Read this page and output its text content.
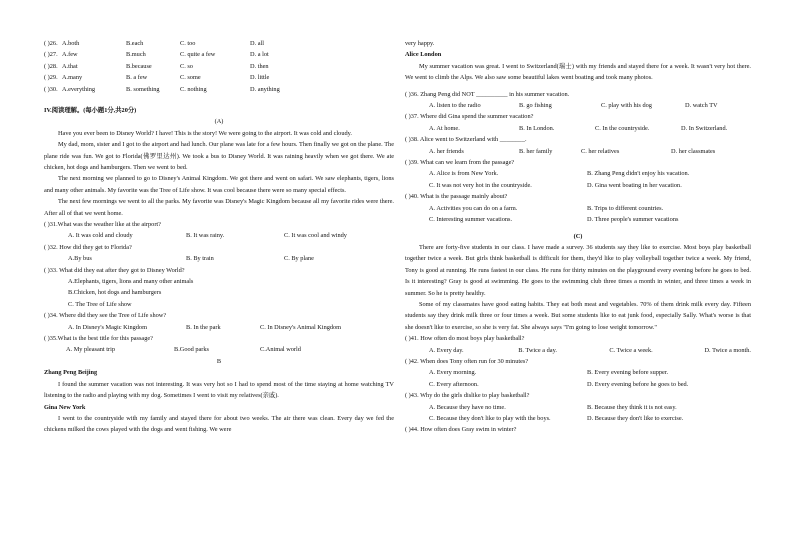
( )26. A.both	B.each	C. too	D. all
( )27. A.few	B.much	C. quite a few	D. a lot
( )28. A.that	B.because	C. so	D. then
( )29. A.many	B. a few	C. some	D. little
( )30. A.everything	B. something	C. nothing	D. anything

IV.阅读理解。(每小题1分,共20分)

(A)

Have you ever been to Disney World? I have! This is the story! We were going to the airport. It was cold and cloudy.

My dad, mom, sister and I got to the airport and had lunch. Our plane was late for a few hours. Then finally we got on the plane. The plane ride was fun. We got to Florida(佛罗里达州). We took a bus to Disney World. It was raining heavily when we got there. We ate chicken, hot dogs and hamburgers. Then we went to bed.

The next morning we planned to go to Disney's Animal Kingdom. We got there and went on safari. We saw elephants, tigers, lions and many other animals. My favorite was the Tree of Life show. It was cool because there were so many special effects.

The next few mornings we went to all the parks. My favorite was Disney's Magic Kingdom because all my favorite rides were there. After all of that we went home.

( )31.What was the weather like at the airport?

A. It was cold and cloudy	B. It was rainy.	C. It was cool and windy

( )32. How did they get to Florida?

A.By bus	B. By train	C. By plane

( )33. What did they eat after they got to Disney World?

A.Elephants, tigers, lions and many other animals

B.Chicken, hot dogs and hamburgers

C. The Tree of Life show

( )34. Where did they see the Tree of Life show?

A. In Disney's Magic Kingdom	B. In the park	C. In Disney's Animal Kingdom

( )35.What is the best title for this passage?

A. My pleasant trip	B.Good parks	C.Animal world

B

Zhang Peng Beijing

I found the summer vacation was not interesting. It was very hot so I had to spend most of the time staying at home watching TV listening to the radio and playing with my dog. Sometimes I went to visit my relatives(亲戚).

Gina New York

I went to the countryside with my family and stayed there for about two weeks. The air there was clean. Every day we fed the chickens milked the cows played with the dogs and went fishing. We were

very happy.

Alice London

My summer vacation was great. I went to Switzerland(瑞士) with my friends and stayed there for a week. It wasn't very hot there. We went to climb the Alps. We also saw some beautiful lakes went boating and took many photos.

( )36. Zhang Peng did NOT __________ in his summer vacation.

A. listen to the radio	B. go fishing	C. play with his dog	D. watch TV

( )37. Where did Gina spend the summer vacation?

A. At home.	B. In London.	C. In the countryside.	D. In Switzerland.

( )38. Alice went to Switzerland with ________.

A. her friends	B. her family	C. her relatives	D. her classmates

( )39. What can we learn from the passage?

A. Alice is from New York.	B. Zhang Peng didn't enjoy his vacation.
C. It was not very hot in the countryside.	D. Gina went boating in her vacation.

( )40. What is the passage mainly about?

A. Activities you can do on a farm.	B. Trips to different countries.
C. Interesting summer vacations.	D. Three people's summer vacations

(C)

There are forty-five students in our class. I have made a survey. 36 students say they like to exercise. Most boys play basketball together twice a week. But girls think basketball is difficult for them, they'd like to play volleyball together twice a week. My friend, Tony is good at running. He runs fastest in our class. He runs for thirty minutes on the playground every evening before he goes to bed. Is it interesting? Gray is good at swimming. He goes to the swimming club three times a month in winter, and three times a week in summer. So he is pretty healthy.

Some of my classmates have good eating habits. They eat both meat and vegetables. 70% of them drink milk every day. Fifteen students say they drink milk three or four times a week. But some students like to eat junk food, especially Sally. What's worse is that she doesn't like to exercise, so she is very fat. She always says "I'm going to lose weight tomorrow."

( )41. How often do most boys play basketball?

A. Every day.	B. Twice a day.	C. Twice a week.	D. Twice a month.

( )42. When does Tony often run for 30 minutes?

A. Every morning.	B. Every evening before supper.
C. Every afternoon.	D. Every evening before he goes to bed.

( )43. Why do the girls dislike to play basketball?

A. Because they have no time.	B. Because they think it is not easy.
C. Because they don't like to play with the boys.	D. Because they don't like to exercise.

( )44. How often does Gray swim in winter?
